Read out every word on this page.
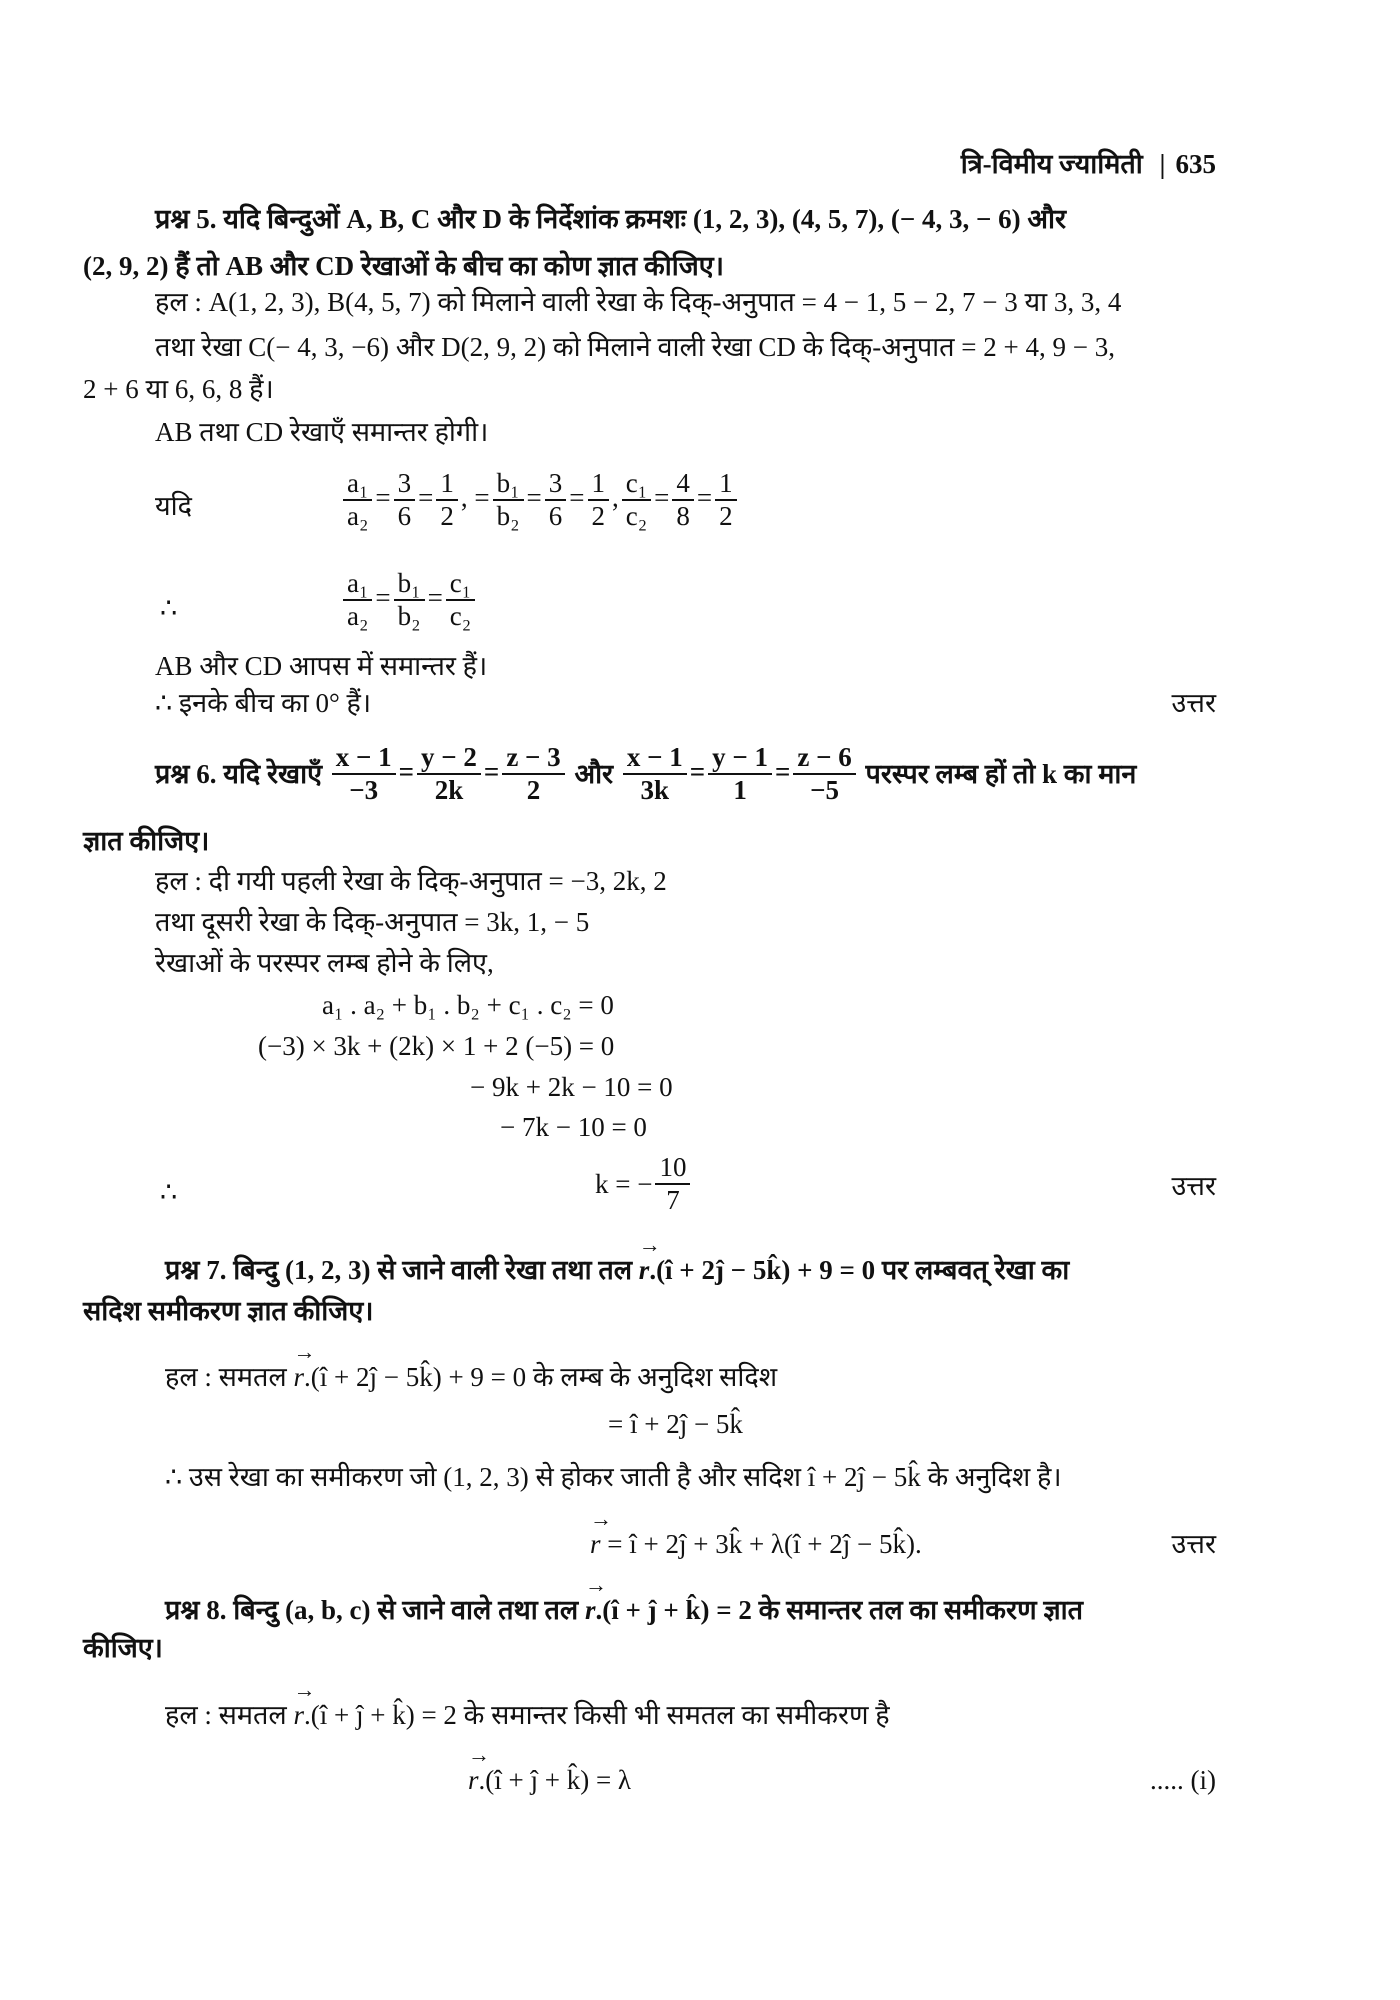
त्रि-विमीय ज्यामिती | 635
प्रश्न 5. यदि बिन्दुओं A, B, C और D के निर्देशांक क्रमशः (1, 2, 3), (4, 5, 7), (− 4, 3, − 6) और
(2, 9, 2) हैं तो AB और CD रेखाओं के बीच का कोण ज्ञात कीजिए।
हल : A(1, 2, 3), B(4, 5, 7) को मिलाने वाली रेखा के दिक्-अनुपात = 4 − 1, 5 − 2, 7 − 3 या 3, 3, 4
तथा रेखा C(− 4, 3, −6) और D(2, 9, 2) को मिलाने वाली रेखा CD के दिक्-अनुपात = 2 + 4, 9 − 3,
2 + 6 या 6, 6, 8 हैं।
AB तथा CD रेखाएँ समान्तर होगी।
यदि	$\frac{\text{a₁}}{\text{a₂}} = \frac{3}{6} = \frac{1}{2}$ , = $\frac{\text{b₁}}{\text{b₂}} = \frac{3}{6} = \frac{1}{2}$ , $\frac{\text{c₁}}{\text{c₂}} = \frac{4}{8} = \frac{1}{2}$
∴	$\frac{\text{a₁}}{\text{a₂}} = \frac{\text{b₁}}{\text{b₂}} = \frac{\text{c₁}}{\text{c₂}}$
AB और CD आपस में समान्तर हैं।
∴ इनके बीच का 0° हैं।	उत्तर
प्रश्न 6. यदि रेखाएँ $\frac{x - 1}{-3} = \frac{y - 2}{2k} = \frac{z - 3}{2}$ और $\frac{x - 1}{3k} = \frac{y - 1}{1} = \frac{z - 6}{-5}$ परस्पर लम्ब हों तो k का मान
ज्ञात कीजिए।
हल : दी गयी पहली रेखा के दिक्-अनुपात = −3, 2k, 2
तथा दूसरी रेखा के दिक्-अनुपात = 3k, 1, − 5
रेखाओं के परस्पर लम्ब होने के लिए,
a₁ . a₂ + b₁ . b₂ + c₁ . c₂ = 0
(−3) × 3k + (2k) × 1 + 2 (−5) = 0
− 9k + 2k − 10 = 0
− 7k − 10 = 0
∴	k = − $\frac{10}{7}$	उत्तर
प्रश्न 7. बिन्दु (1, 2, 3) से जाने वाली रेखा तथा तल → r.(î + 2ĵ − 5k̂) + 9 = 0 पर लम्बवत् रेखा का
सदिश समीकरण ज्ञात कीजिए।
हल : समतल → r.(î + 2ĵ − 5k̂) + 9 = 0 के लम्ब के अनुदिश सदिश
= î + 2ĵ − 5k̂
∴ उस रेखा का समीकरण जो (1, 2, 3) से होकर जाती है और सदिश î + 2ĵ − 5k̂ के अनुदिश है।
→ r = î + 2ĵ + 3k̂ + λ(î + 2ĵ − 5k̂).	उत्तर
प्रश्न 8. बिन्दु (a, b, c) से जाने वाले तथा तल → r.(î + ĵ + k̂) = 2 के समान्तर तल का समीकरण ज्ञात
कीजिए।
हल : समतल → r.(î + ĵ + k̂) = 2 के समान्तर किसी भी समतल का समीकरण है
→ r.(î + ĵ + k̂) = λ	..... (i)
